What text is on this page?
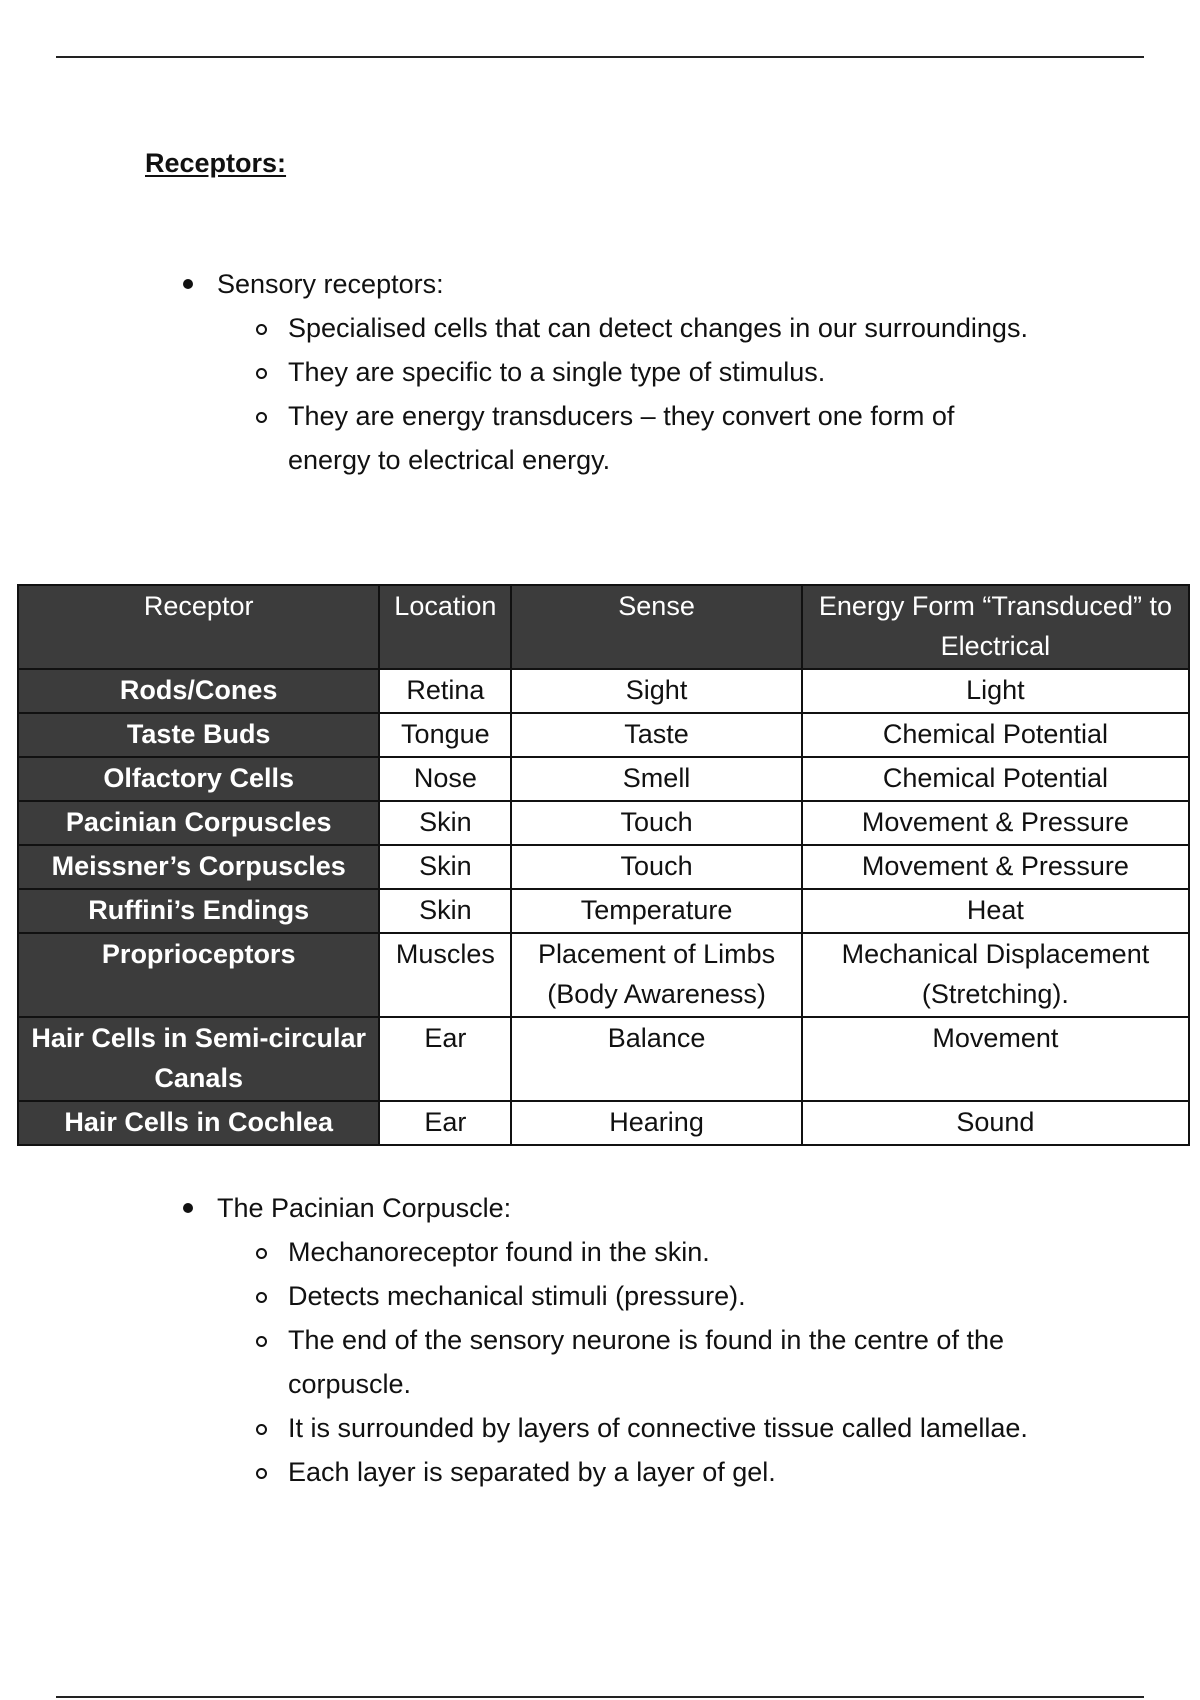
Receptors:
Sensory receptors:
Specialised cells that can detect changes in our surroundings.
They are specific to a single type of stimulus.
They are energy transducers – they convert one form of energy to electrical energy.
Receptor	Location	Sense	Energy Form “Transduced” to Electrical
Rods/Cones	Retina	Sight	Light
Taste Buds	Tongue	Taste	Chemical Potential
Olfactory Cells	Nose	Smell	Chemical Potential
Pacinian Corpuscles	Skin	Touch	Movement & Pressure
Meissner’s Corpuscles	Skin	Touch	Movement & Pressure
Ruffini’s Endings	Skin	Temperature	Heat
Proprioceptors	Muscles	Placement of Limbs (Body Awareness)	Mechanical Displacement (Stretching).
Hair Cells in Semi-circular Canals	Ear	Balance	Movement
Hair Cells in Cochlea	Ear	Hearing	Sound
The Pacinian Corpuscle:
Mechanoreceptor found in the skin.
Detects mechanical stimuli (pressure).
The end of the sensory neurone is found in the centre of the corpuscle.
It is surrounded by layers of connective tissue called lamellae.
Each layer is separated by a layer of gel.
